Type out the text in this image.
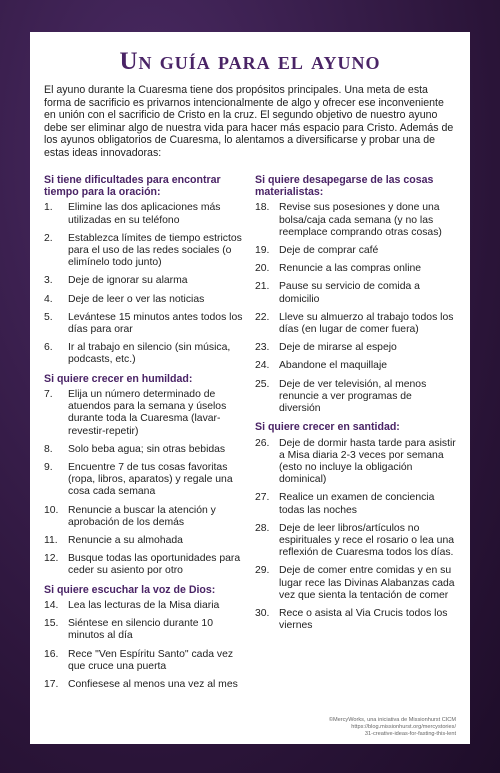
Un guía para el ayuno

El ayuno durante la Cuaresma tiene dos propósitos principales. Una meta de esta forma de sacrificio es privarnos intencionalmente de algo y ofrecer ese inconveniente en unión con el sacrificio de Cristo en la cruz. El segundo objetivo de nuestro ayuno debe ser eliminar algo de nuestra vida para hacer más espacio para Cristo. Además de los ayunos obligatorios de Cuaresma, lo alentamos a diversificarse y probar una de estas ideas innovadoras:

Si tiene dificultades para encontrar tiempo para la oración:
1.	Elimine las dos aplicaciones más utilizadas en su teléfono
2.	Establezca límites de tiempo estrictos para el uso de las redes sociales (o elimínelo todo junto)
3.	Deje de ignorar su alarma
4.	Deje de leer o ver las noticias
5.	Levántese 15 minutos antes todos los días para orar
6.	Ir al trabajo en silencio (sin música, podcasts, etc.)
Si quiere crecer en humildad:
7.	Elija un número determinado de atuendos para la semana y úselos durante toda la Cuaresma (lavar-revestir-repetir)
8.	Solo beba agua; sin otras bebidas
9.	Encuentre 7 de tus cosas favoritas (ropa, libros, aparatos) y regale una cosa cada semana
10. Renuncie a buscar la atención y aprobación de los demás
11. Renuncie a su almohada
12. Busque todas las oportunidades para ceder su asiento por otro
Si quiere escuchar la voz de Dios:
14. Lea las lecturas de la Misa diaria
15. Siéntese en silencio durante 10 minutos al día
16. Rece "Ven Espíritu Santo" cada vez que cruce una puerta
17. Confiesese al menos una vez al mes
Si quiere desapegarse de las cosas materialistas:
18. Revise sus posesiones y done una bolsa/caja cada semana (y no las reemplace comprando otras cosas)
19. Deje de comprar café
20. Renuncie a las compras online
21. Pause su servicio de comida a domicilio
22. Lleve su almuerzo al trabajo todos los días (en lugar de comer fuera)
23. Deje de mirarse al espejo
24. Abandone el maquillaje
25. Deje de ver televisión, al menos renuncie a ver programas de diversión
Si quiere crecer en santidad:
26. Deje de dormir hasta tarde para asistir a Misa diaria 2-3 veces por semana (esto no incluye la obligación dominical)
27. Realice un examen de conciencia todas las noches
28. Deje de leer libros/artículos no espirituales y rece el rosario o lea una reflexión de Cuaresma todos los días.
29. Deje de comer entre comidas y en su lugar rece las Divinas Alabanzas cada vez que sienta la tentación de comer
30. Rece o asista al Via Crucis todos los viernes
©MercyWorks, una iniciativa de Missionhurst CICM
https://blog.missionhurst.org/mercystories/
31-creative-ideas-for-fasting-this-lent
